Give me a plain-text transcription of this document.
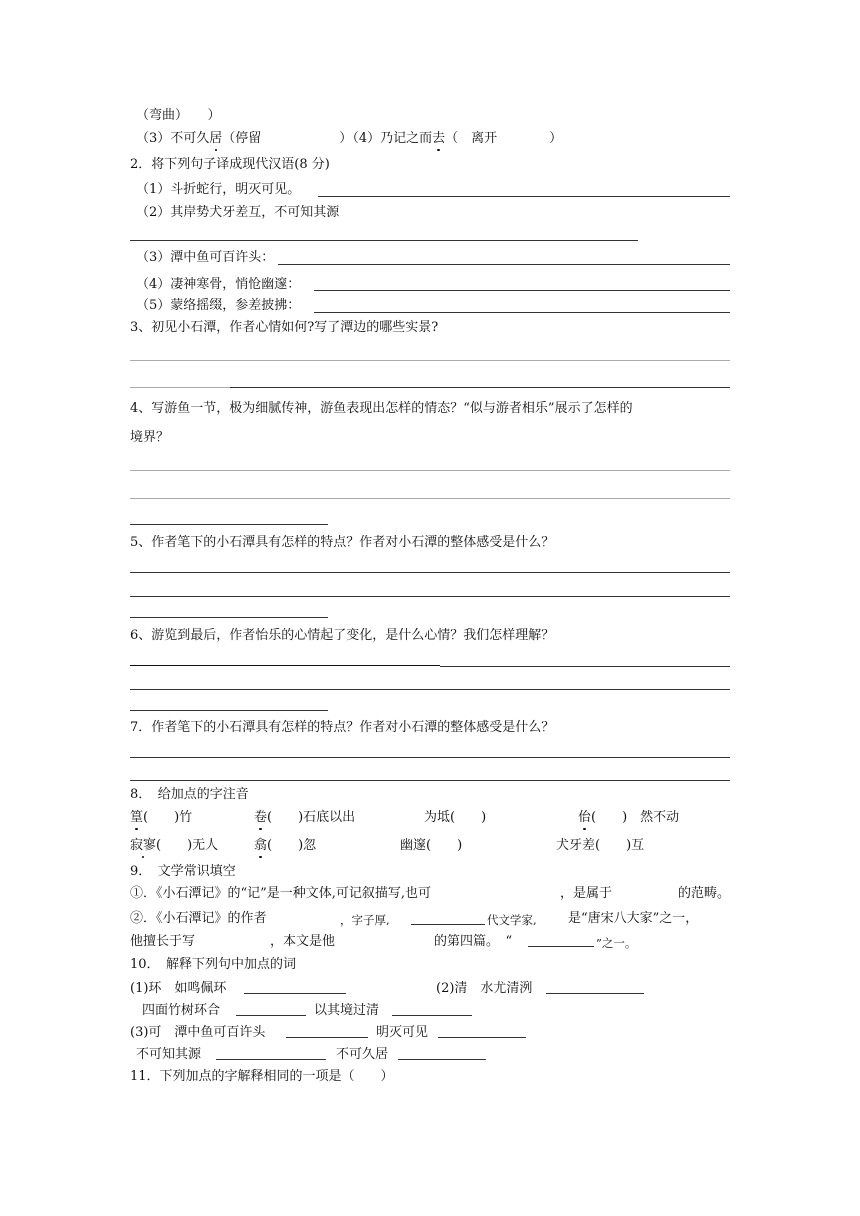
（弯曲）　　）
（3）不可久居（停留　　　　　　）（4）乃记之而去（　离开　　　　）
2．将下列句子译成现代汉语(8 分)
（1）斗折蛇行，明灭可见。
（2）其岸势犬牙差互，不可知其源
（3）潭中鱼可百许头：
（4）凄神寒骨，悄怆幽邃：
（5）蒙络摇缀，参差披拂：
3、初见小石潭，作者心情如何?写了潭边的哪些实景?
4、写游鱼一节，极为细腻传神，游鱼表现出怎样的情态？“似与游者相乐”展示了怎样的
境界？
5、作者笔下的小石潭具有怎样的特点？作者对小石潭的整体感受是什么？
6、游览到最后，作者怡乐的心情起了变化，是什么心情？我们怎样理解？
7．作者笔下的小石潭具有怎样的特点？作者对小石潭的整体感受是什么？
8．　给加点的字注音
篁(　　)竹	卷(　　)石底以出	为坻(　　)	佁(　　)　然不动
寂寥(　　)无人	翕(　　)忽	幽邃(　　)	犬牙差(　　)互
9．　文学常识填空
①．《小石潭记》的“记”是一种文体,可记叙描写,也可	，是属于	的范畴。
②．《小石潭记》的作者	，字子厚,	代文学家, 是“唐宋八大家”之一，
他擅长于写	，本文是他	的第四篇。　“	”之一。
10．　解释下列句中加点的词
(1)环　如鸣佩环	(2)清　水尤清洌
四面竹树环合	以其境过清
(3)可　潭中鱼可百许头	明灭可见
不可知其源	不可久居
11．下列加点的字解释相同的一项是（　　）
